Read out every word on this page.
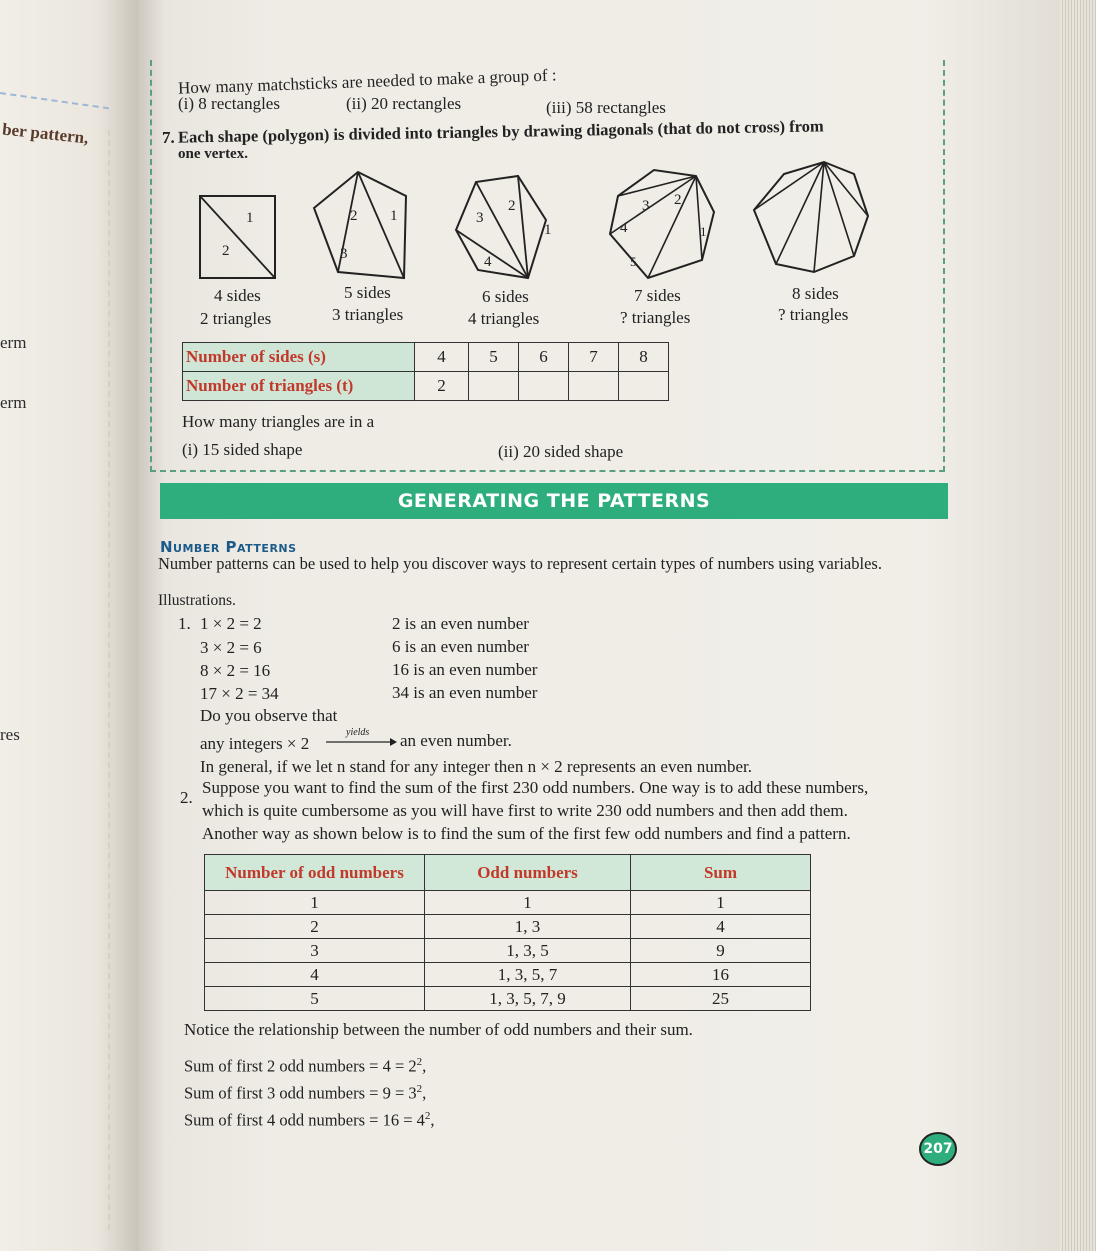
ber pattern,
erm
erm
res
How many matchsticks are needed to make a group of :
(i) 8 rectangles	(ii) 20 rectangles	(iii) 58 rectangles
7. Each shape (polygon) is divided into triangles by drawing diagonals (that do not cross) from
one vertex.
1
2
2 1
3
3
2
1
4
3 2
4	1
5
4 sides
2 triangles
5 sides
3 triangles
6 sides
4 triangles
7 sides
? triangles
8 sides
? triangles
Number of sides (s)	4	5	6	7	8
Number of triangles (t)	2				
How many triangles are in a
(i) 15 sided shape	(ii) 20 sided shape
GENERATING THE PATTERNS
Number Patterns
Number patterns can be used to help you discover ways to represent certain types of numbers using variables.
Illustrations.
1. 1 × 2 = 2
3 × 2 = 6
8 × 2 = 16
17 × 2 = 34
2 is an even number
6 is an even number
16 is an even number
34 is an even number
Do you observe that
any integers × 2
yields an even number.
In general, if we let n stand for any integer then n × 2 represents an even number.
2.
Suppose you want to find the sum of the first 230 odd numbers. One way is to add these numbers,
which is quite cumbersome as you will have first to write 230 odd numbers and then add them.
Another way as shown below is to find the sum of the first few odd numbers and find a pattern.
Number of odd numbers	Odd numbers	Sum
1	1	1
2	1, 3	4
3	1, 3, 5	9
4	1, 3, 5, 7	16
5	1, 3, 5, 7, 9	25
Notice the relationship between the number of odd numbers and their sum.
Sum of first 2 odd numbers = $4 = 2^2$,
Sum of first 3 odd numbers = $9 = 3^2$,
Sum of first 4 odd numbers = $16 = 4^2$,
207
